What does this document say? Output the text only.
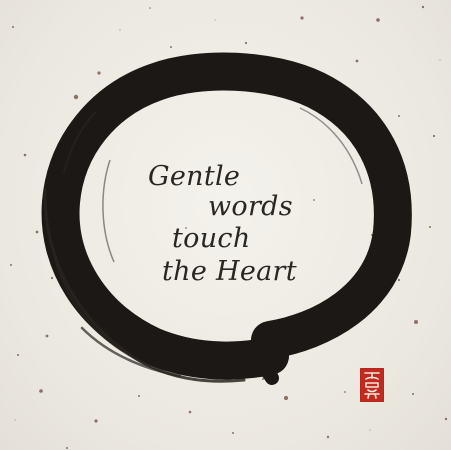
Gentle
words
touch
the Heart
